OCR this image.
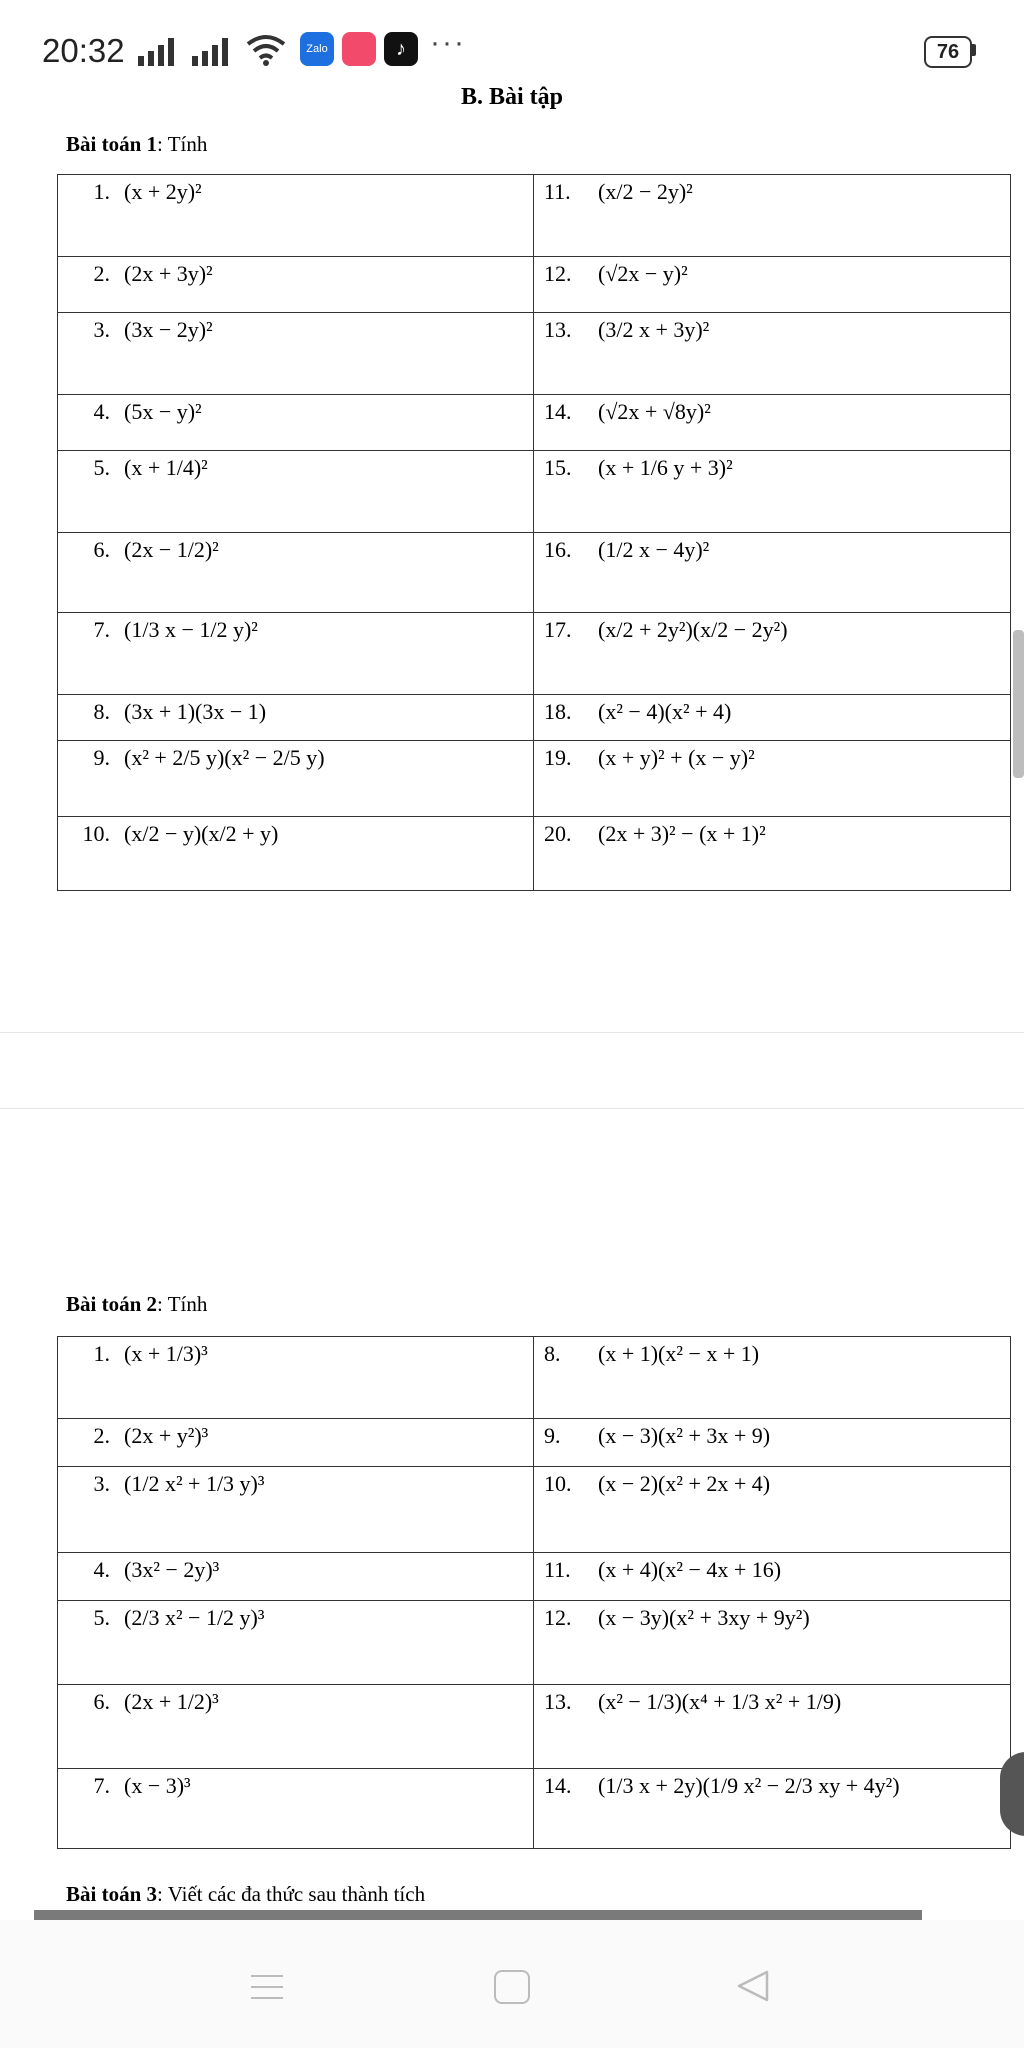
20:32	Zalo	♪ ···	76
B. Bài tập
Bài toán 1: Tính
1. (x + 2y)²	11. (x/2 − 2y)²
2. (2x + 3y)²	12. (√2x − y)²
3. (3x − 2y)²	13. (3/2 x + 3y)²
4. (5x − y)²	14. (√2x + √8y)²
5. (x + 1/4)²	15. (x + 1/6 y + 3)²
6. (2x − 1/2)²	16. (1/2 x − 4y)²
7. (1/3 x − 1/2 y)²	17. (x/2 + 2y²)(x/2 − 2y²)
8. (3x + 1)(3x − 1)	18. (x² − 4)(x² + 4)
9. (x² + 2/5 y)(x² − 2/5 y)	19. (x + y)² + (x − y)²
10. (x/2 − y)(x/2 + y)	20. (2x + 3)² − (x + 1)²
Bài toán 2: Tính
1. (x + 1/3)³	8. (x + 1)(x² − x + 1)
2. (2x + y²)³	9. (x − 3)(x² + 3x + 9)
3. (1/2 x² + 1/3 y)³	10. (x − 2)(x² + 2x + 4)
4. (3x² − 2y)³	11. (x + 4)(x² − 4x + 16)
5. (2/3 x² − 1/2 y)³	12. (x − 3y)(x² + 3xy + 9y²)
6. (2x + 1/2)³	13. (x² − 1/3)(x⁴ + 1/3 x² + 1/9)
7. (x − 3)³	14. (1/3 x + 2y)(1/9 x² − 2/3 xy + 4y²)
Bài toán 3: Viết các đa thức sau thành tích
